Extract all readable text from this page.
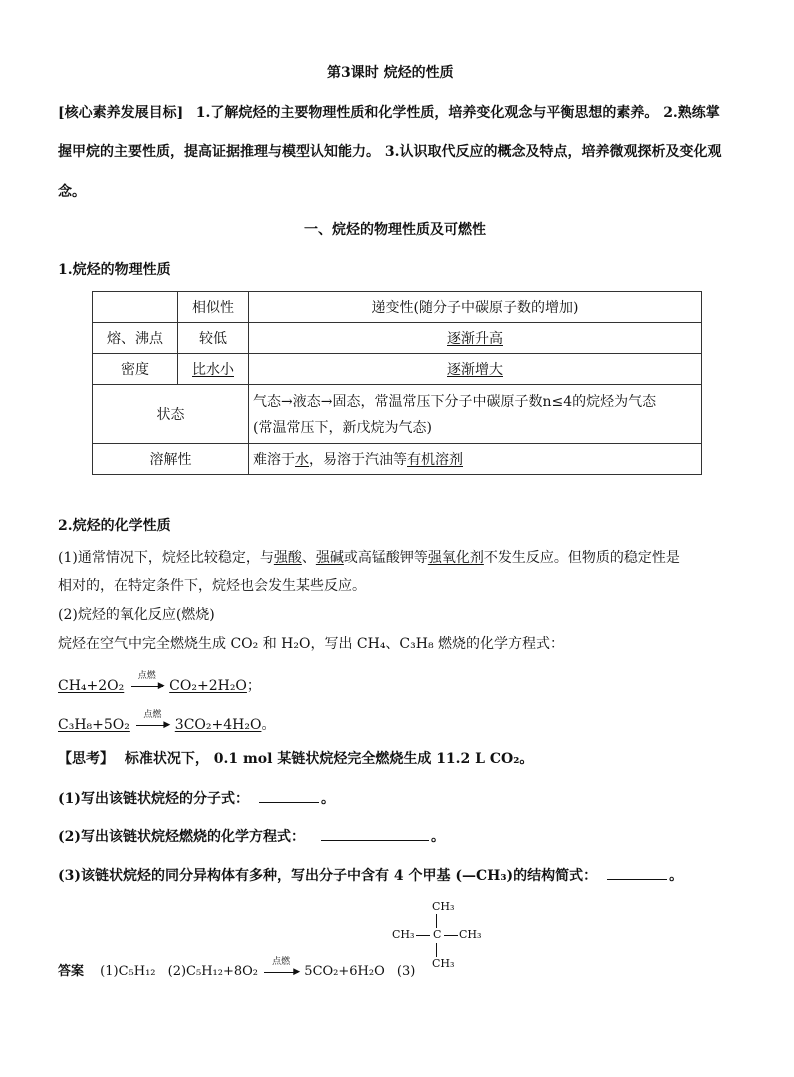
第3课时 烷烃的性质
[核心素养发展目标] 1.了解烷烃的主要物理性质和化学性质，培养变化观念与平衡思想的素养。 2.熟练掌
握甲烷的主要性质，提高证据推理与模型认知能力。 3.认识取代反应的概念及特点，培养微观探析及变化观
念。
一、烷烃的物理性质及可燃性
1.烷烃的物理性质
	相似性	递变性(随分子中碳原子数的增加)
熔、沸点	较低	逐渐升高
密度	比水小	逐渐增大
状态		气态→液态→固态，常温常压下分子中碳原子数n≤4的烷烃为气态
(常温常压下，新戊烷为气态)

溶解性		难溶于水，易溶于汽油等有机溶剂
2.烷烃的化学性质
(1)通常情况下，烷烃比较稳定，与强酸、强碱或高锰酸钾等强氧化剂不发生反应。但物质的稳定性是
相对的，在特定条件下，烷烃也会发生某些反应。
(2)烷烃的氧化反应(燃烧)
烷烃在空气中完全燃烧生成 CO₂ 和 H₂O，写出 CH₄、C₃H₈ 燃烧的化学方程式：
CH₄+2O₂
点燃
▶ CO₂+2H₂O；
C₃H₈+5O₂
点燃
▶ 3CO₂+4H₂O。
【思考】 标准状况下， 0.1 mol 某链状烷烃完全燃烧生成 11.2 L CO₂。
(1)写出该链状烷烃的分子式：	。
(2)写出该链状烷烃燃烧的化学方程式：	。
(3)该链状烷烃的同分异构体有多种，写出分子中含有 4 个甲基 (—CH₃)的结构简式：	。
答案 (1)C₅H₁₂ (2)C₅H₁₂+8O₂
点燃
▶ 5CO₂+6H₂O (3)
CH₃
CH₃ C CH₃
CH₃
